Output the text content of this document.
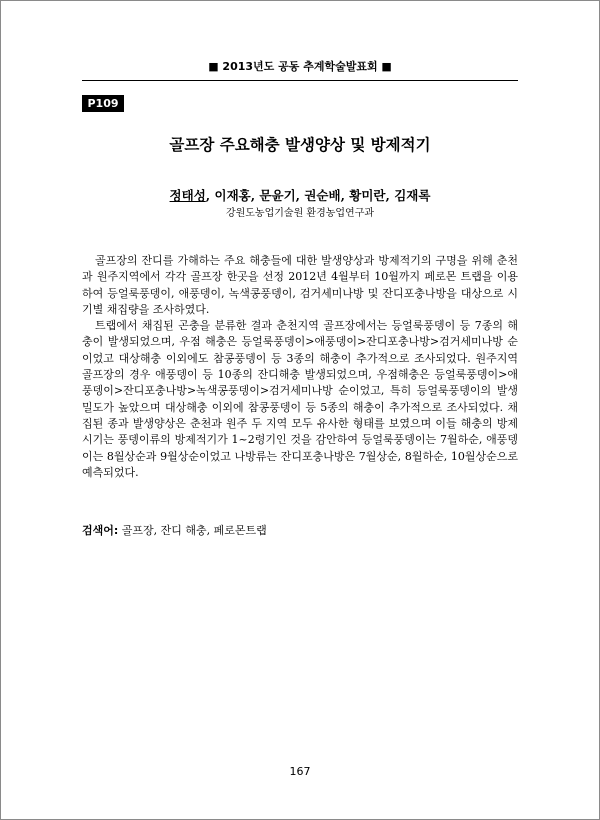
■ 2013년도 공동 추계학술발표회 ■
P109
골프장 주요해충 발생양상 및 방제적기

정태성, 이재홍, 문윤기, 권순배, 황미란, 김재록

강원도농업기술원 환경농업연구과

골프장의 잔디를 가해하는 주요 해충들에 대한 발생양상과 방제적기의 구명을 위해 춘천과 원주지역에서 각각 골프장 한곳을 선정 2012년 4월부터 10월까지 페로몬 트랩을 이용하여 등얼룩풍뎅이, 애풍뎅이, 녹색콩풍뎅이, 검거세미나방 및 잔디포충나방을 대상으로 시기별 채집량을 조사하였다.

트랩에서 채집된 곤충을 분류한 결과 춘천지역 골프장에서는 등얼룩풍뎅이 등 7종의 해충이 발생되었으며, 우점 해충은 등얼룩풍뎅이>애풍뎅이>잔디포충나방>검거세미나방 순이었고 대상해충 이외에도 참콩풍뎅이 등 3종의 해충이 추가적으로 조사되었다. 원주지역 골프장의 경우 애풍뎅이 등 10종의 잔디해충 발생되었으며, 우점해충은 등얼룩풍뎅이>애풍뎅이>잔디포충나방>녹색콩풍뎅이>검거세미나방 순이었고, 특히 등얼룩풍뎅이의 발생밀도가 높았으며 대상해충 이외에 참콩풍뎅이 등 5종의 해충이 추가적으로 조사되었다. 채집된 종과 발생양상은 춘천과 원주 두 지역 모두 유사한 형태를 보였으며 이들 해충의 방제시기는 풍뎅이류의 방제적기가 1~2령기인 것을 감안하여 등얼룩풍뎅이는 7월하순, 애풍뎅이는 8월상순과 9월상순이었고 나방류는 잔디포충나방은 7월상순, 8월하순, 10월상순으로 예측되었다.

검색어: 골프장, 잔디 해충, 페로몬트랩

167
